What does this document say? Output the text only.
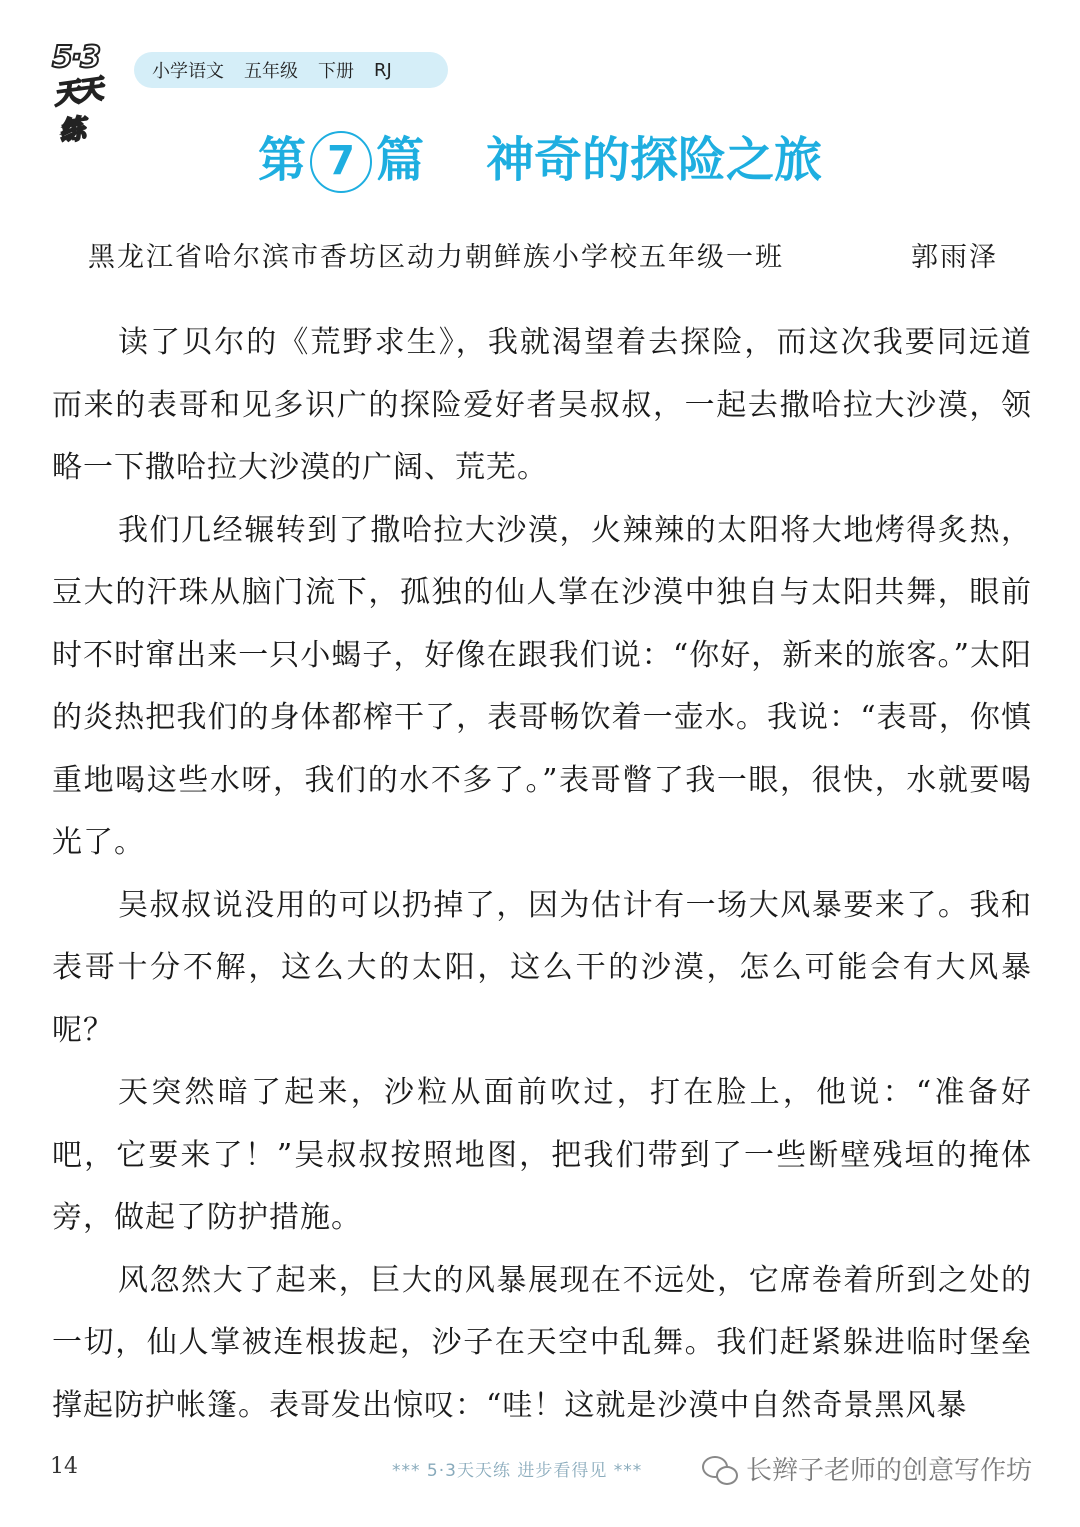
5·3
天天练
小学语文 五年级 下册 RJ
第 7 篇 神奇的探险之旅
黑龙江省哈尔滨市香坊区动力朝鲜族小学校五年级一班	郭雨泽

读了贝尔的《荒野求生》，我就渴望着去探险，而这次我要同远道而来的表哥和见多识广的探险爱好者吴叔叔，一起去撒哈拉大沙漠，领略一下撒哈拉大沙漠的广阔、荒芜。

我们几经辗转到了撒哈拉大沙漠，火辣辣的太阳将大地烤得炙热，豆大的汗珠从脑门流下，孤独的仙人掌在沙漠中独自与太阳共舞，眼前时不时窜出来一只小蝎子，好像在跟我们说：“你好，新来的旅客。”太阳的炎热把我们的身体都榨干了，表哥畅饮着一壶水。我说：“表哥，你慎重地喝这些水呀，我们的水不多了。”表哥瞥了我一眼，很快，水就要喝光了。

吴叔叔说没用的可以扔掉了，因为估计有一场大风暴要来了。我和表哥十分不解，这么大的太阳，这么干的沙漠，怎么可能会有大风暴呢？

天突然暗了起来，沙粒从面前吹过，打在脸上，他说：“准备好吧，它要来了！”吴叔叔按照地图，把我们带到了一些断壁残垣的掩体旁，做起了防护措施。

风忽然大了起来，巨大的风暴展现在不远处，它席卷着所到之处的一切，仙人掌被连根拔起，沙子在天空中乱舞。我们赶紧躲进临时堡垒撑起防护帐篷。表哥发出惊叹：“哇！这就是沙漠中自然奇景黑风暴

14	*** 5·3天天练 进步看得见 ***	长辫子老师的创意写作坊
